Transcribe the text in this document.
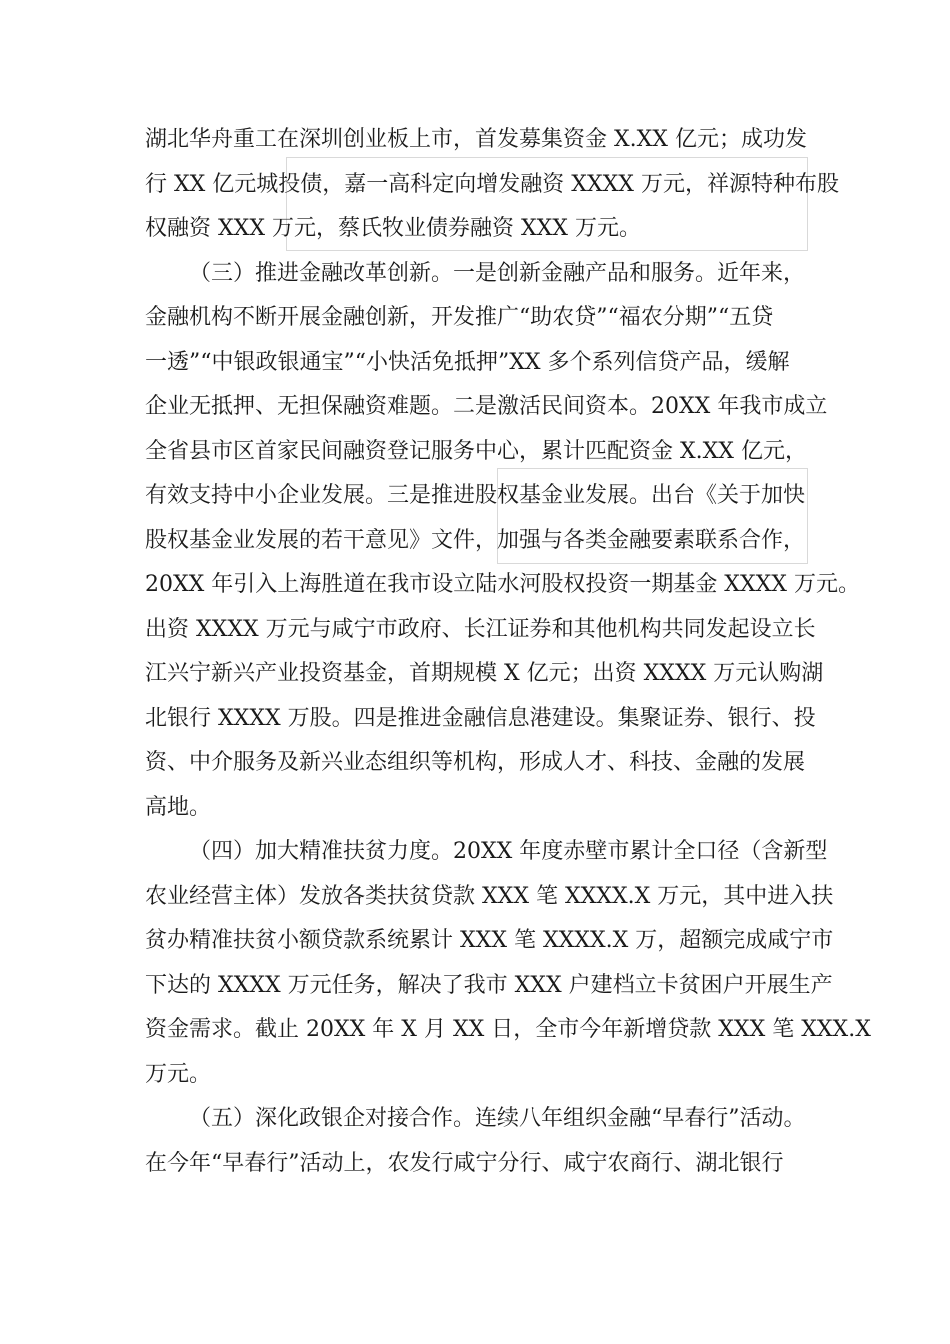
湖北华舟重工在深圳创业板上市，首发募集资金 X.XX 亿元；成功发
行 XX 亿元城投债，嘉一高科定向增发融资 XXXX 万元，祥源特种布股
权融资 XXX 万元，蔡氏牧业债券融资 XXX 万元。
（三）推进金融改革创新。一是创新金融产品和服务。近年来，
金融机构不断开展金融创新，开发推广“助农贷”“福农分期”“五贷
一透”“中银政银通宝”“小快活免抵押”XX 多个系列信贷产品，缓解
企业无抵押、无担保融资难题。二是激活民间资本。20XX 年我市成立
全省县市区首家民间融资登记服务中心，累计匹配资金 X.XX 亿元，
有效支持中小企业发展。三是推进股权基金业发展。出台《关于加快
股权基金业发展的若干意见》文件，加强与各类金融要素联系合作，
20XX 年引入上海胜道在我市设立陆水河股权投资一期基金 XXXX 万元。
出资 XXXX 万元与咸宁市政府、长江证券和其他机构共同发起设立长
江兴宁新兴产业投资基金，首期规模 X 亿元；出资 XXXX 万元认购湖
北银行 XXXX 万股。四是推进金融信息港建设。集聚证券、银行、投
资、中介服务及新兴业态组织等机构，形成人才、科技、金融的发展
高地。
（四）加大精准扶贫力度。20XX 年度赤壁市累计全口径（含新型
农业经营主体）发放各类扶贫贷款 XXX 笔 XXXX.X 万元，其中进入扶
贫办精准扶贫小额贷款系统累计 XXX 笔 XXXX.X 万，超额完成咸宁市
下达的 XXXX 万元任务，解决了我市 XXX 户建档立卡贫困户开展生产
资金需求。截止 20XX 年 X 月 XX 日，全市今年新增贷款 XXX 笔 XXX.X
万元。
（五）深化政银企对接合作。连续八年组织金融“早春行”活动。
在今年“早春行”活动上，农发行咸宁分行、咸宁农商行、湖北银行
